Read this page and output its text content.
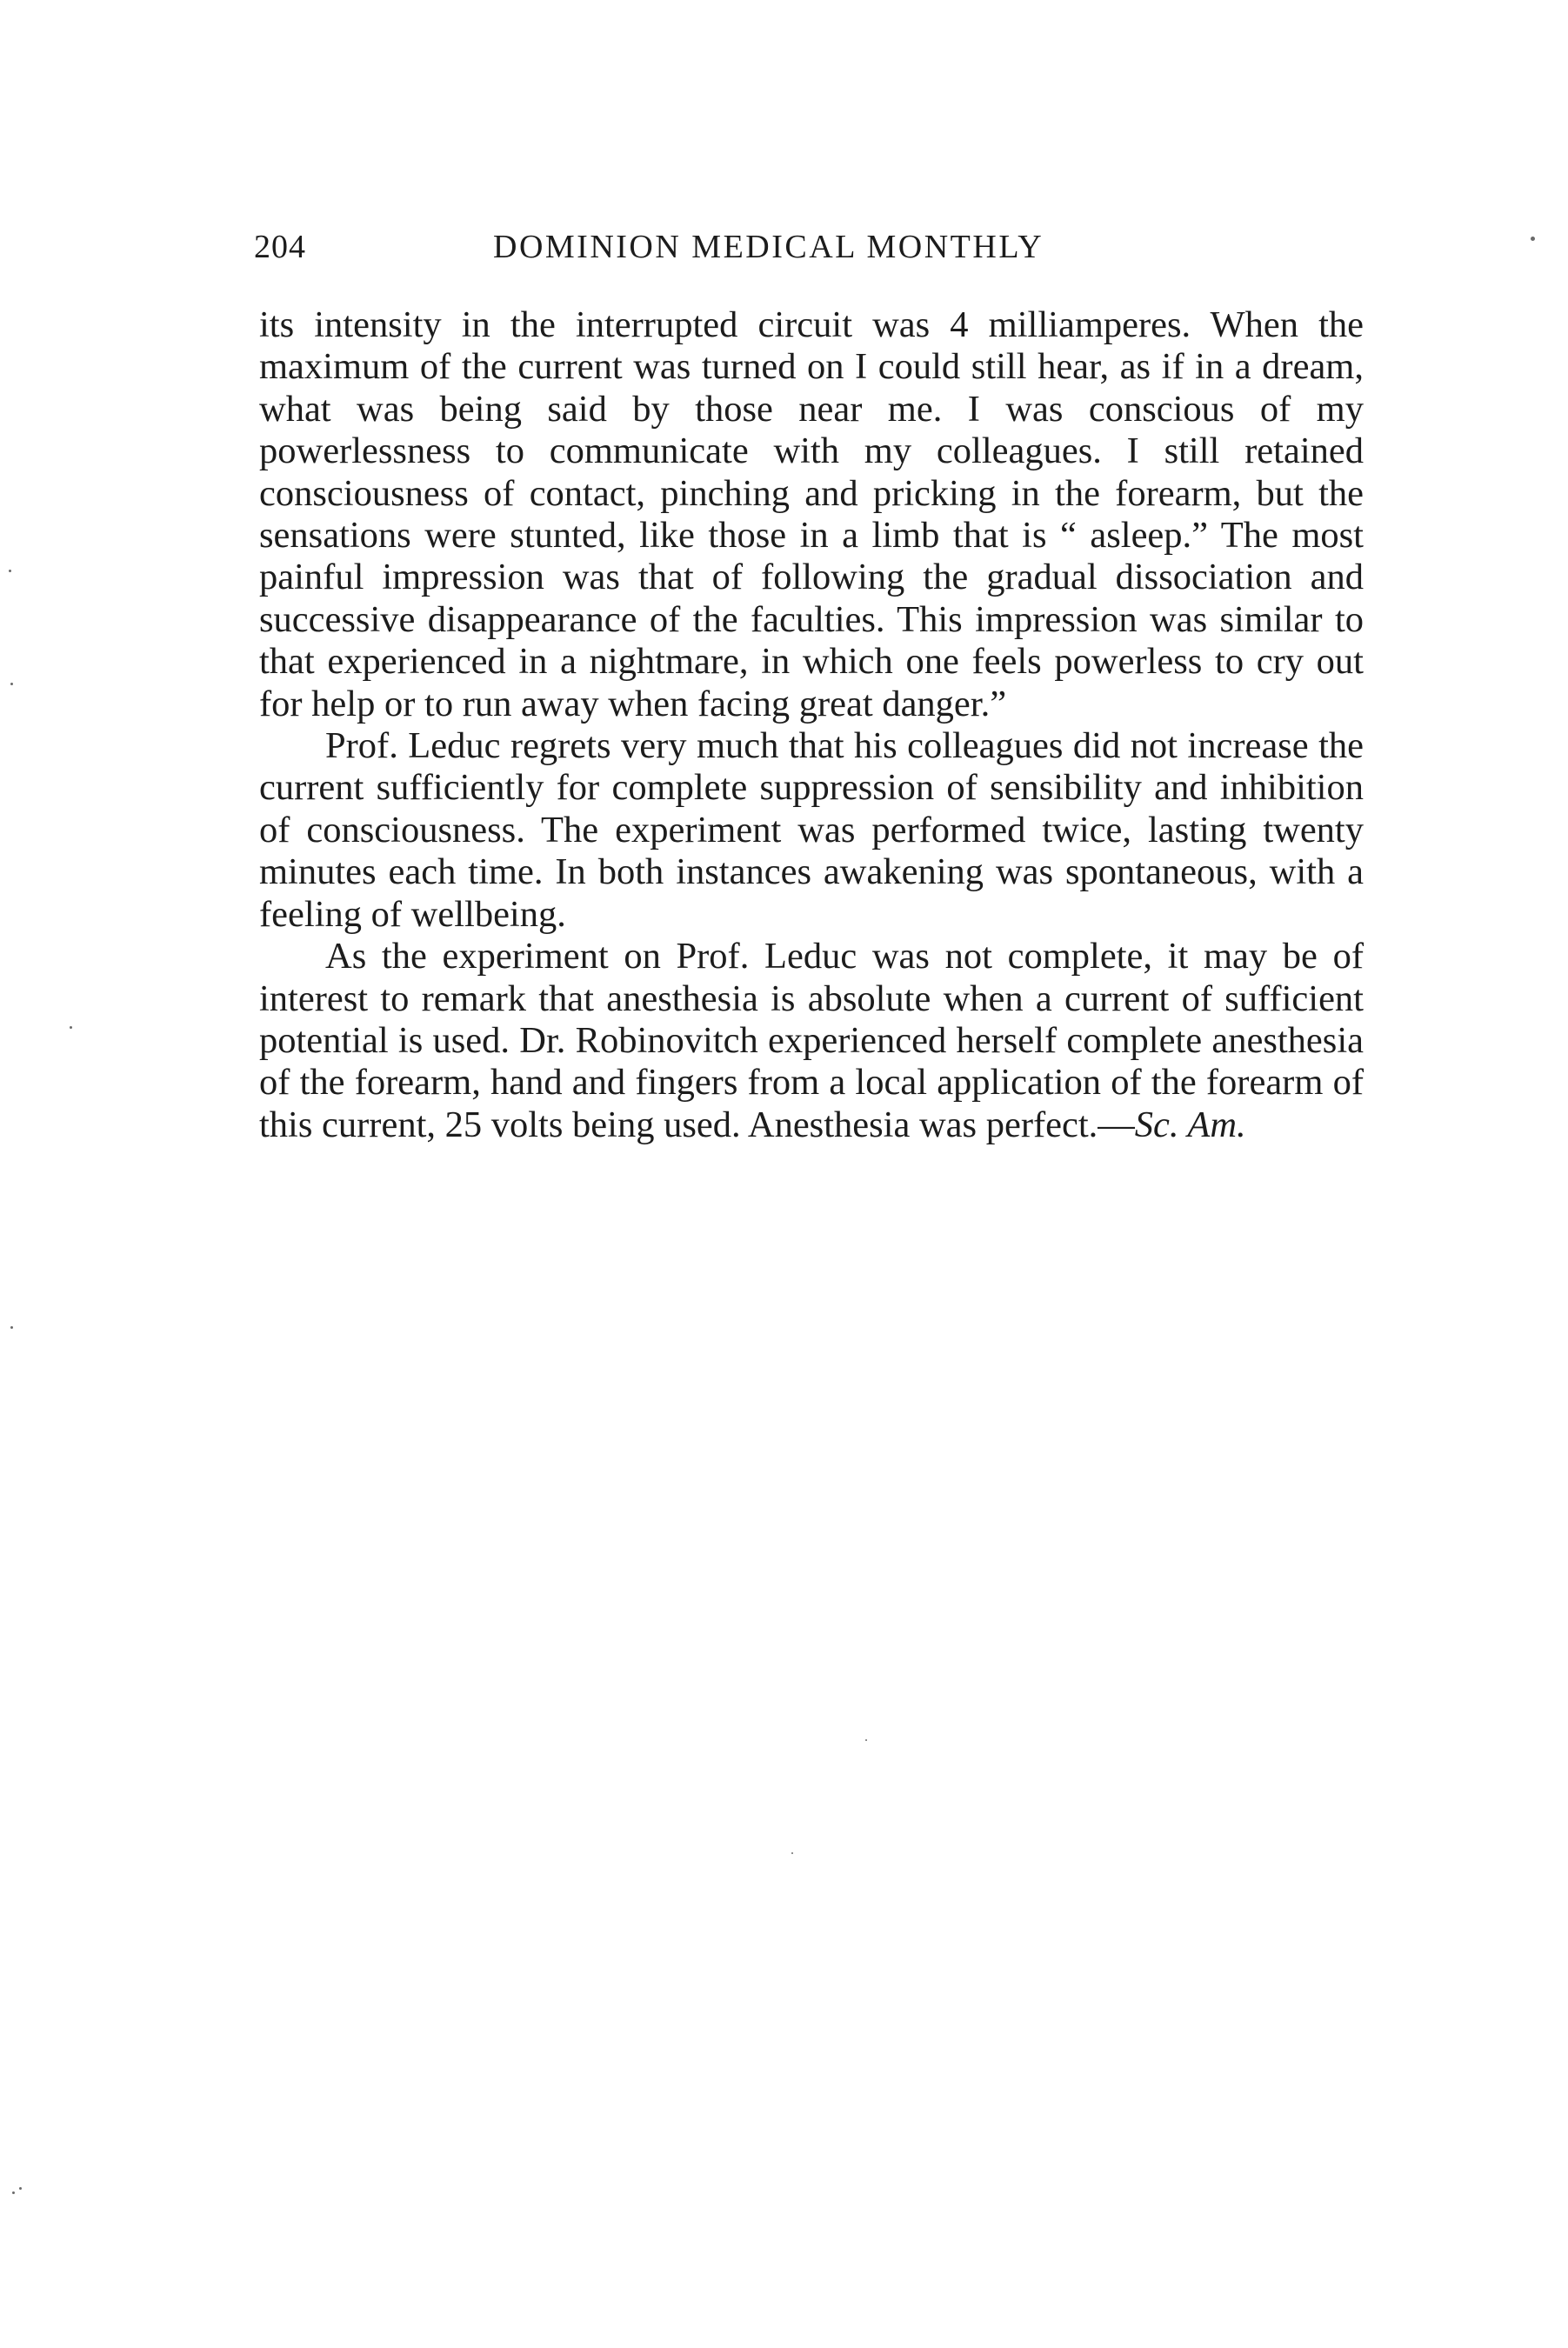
204	DOMINION MEDICAL MONTHLY

its intensity in the interrupted circuit was 4 milliamperes. When the maximum of the current was turned on I could still hear, as if in a dream, what was being said by those near me. I was conscious of my powerlessness to communicate with my colleagues. I still retained consciousness of contact, pinching and pricking in the forearm, but the sensations were stunted, like those in a limb that is “ asleep.” The most painful impression was that of following the gradual dissociation and successive disappearance of the faculties. This impression was similar to that experienced in a nightmare, in which one feels powerless to cry out for help or to run away when facing great danger.”

Prof. Leduc regrets very much that his colleagues did not increase the current sufficiently for complete suppression of sensibility and inhibition of consciousness. The experiment was performed twice, lasting twenty minutes each time. In both instances awakening was spontaneous, with a feeling of wellbeing.

As the experiment on Prof. Leduc was not complete, it may be of interest to remark that anesthesia is absolute when a current of sufficient potential is used. Dr. Robinovitch experienced herself complete anesthesia of the forearm, hand and fingers from a local application of the forearm of this current, 25 volts being used. Anesthesia was perfect.—Sc. Am.
